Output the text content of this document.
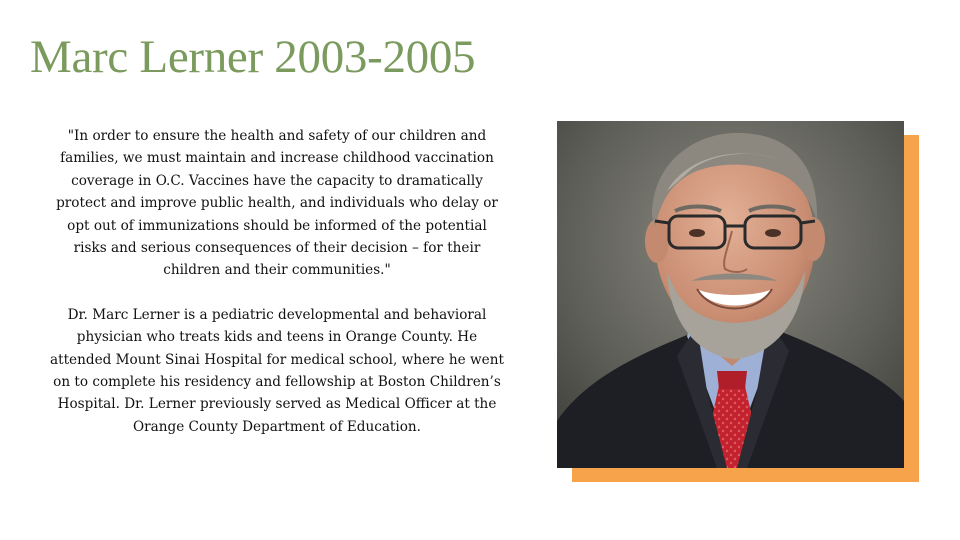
Marc Lerner 2003-2005

"In order to ensure the health and safety of our children and families, we must maintain and increase childhood vaccination coverage in O.C. Vaccines have the capacity to dramatically protect and improve public health, and individuals who delay or opt out of immunizations should be informed of the potential risks and serious consequences of their decision – for their children and their communities."

Dr. Marc Lerner is a pediatric developmental and behavioral physician who treats kids and teens in Orange County. He attended Mount Sinai Hospital for medical school, where he went on to complete his residency and fellowship at Boston Children’s Hospital. Dr. Lerner previously served as Medical Officer at the Orange County Department of Education.
